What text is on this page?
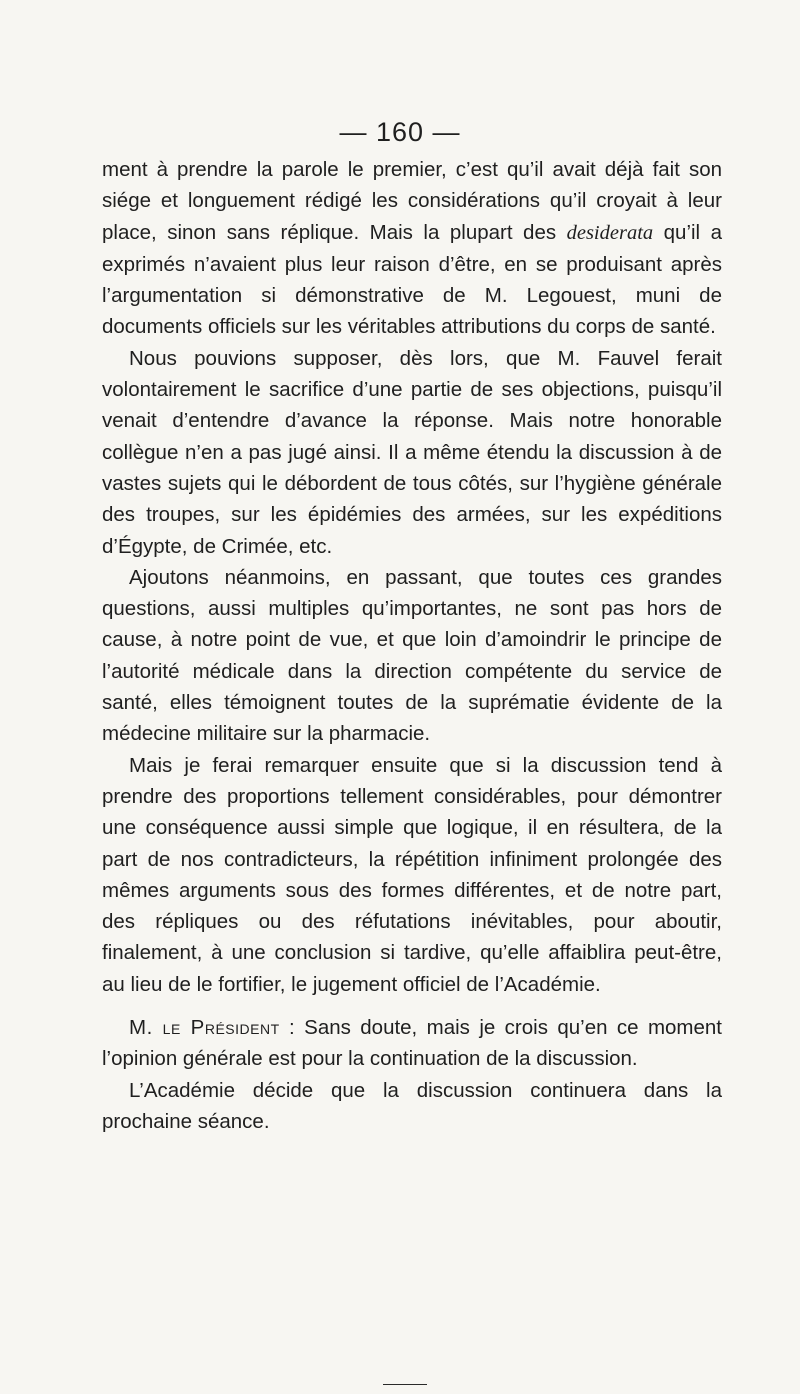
— 160 —

ment à prendre la parole le premier, c’est qu’il avait déjà fait son siége et longuement rédigé les considérations qu’il croyait à leur place, sinon sans réplique. Mais la plupart des desiderata qu’il a exprimés n’avaient plus leur raison d’être, en se produisant après l’argumentation si démonstrative de M. Legouest, muni de documents officiels sur les véritables attributions du corps de santé.

Nous pouvions supposer, dès lors, que M. Fauvel ferait volontairement le sacrifice d’une partie de ses objections, puisqu’il venait d’entendre d’avance la réponse. Mais notre honorable collègue n’en a pas jugé ainsi. Il a même étendu la discussion à de vastes sujets qui le débordent de tous côtés, sur l’hygiène générale des troupes, sur les épidémies des armées, sur les expéditions d’Égypte, de Crimée, etc.

Ajoutons néanmoins, en passant, que toutes ces grandes questions, aussi multiples qu’importantes, ne sont pas hors de cause, à notre point de vue, et que loin d’amoindrir le principe de l’autorité médicale dans la direction compétente du service de santé, elles témoignent toutes de la suprématie évidente de la médecine militaire sur la pharmacie.

Mais je ferai remarquer ensuite que si la discussion tend à prendre des proportions tellement considérables, pour démontrer une conséquence aussi simple que logique, il en résultera, de la part de nos contradicteurs, la répétition infiniment prolongée des mêmes arguments sous des formes différentes, et de notre part, des répliques ou des réfutations inévitables, pour aboutir, finalement, à une conclusion si tardive, qu’elle affaiblira peut-être, au lieu de le fortifier, le jugement officiel de l’Académie.

M. le Président : Sans doute, mais je crois qu’en ce moment l’opinion générale est pour la continuation de la discussion.

L’Académie décide que la discussion continuera dans la prochaine séance.
